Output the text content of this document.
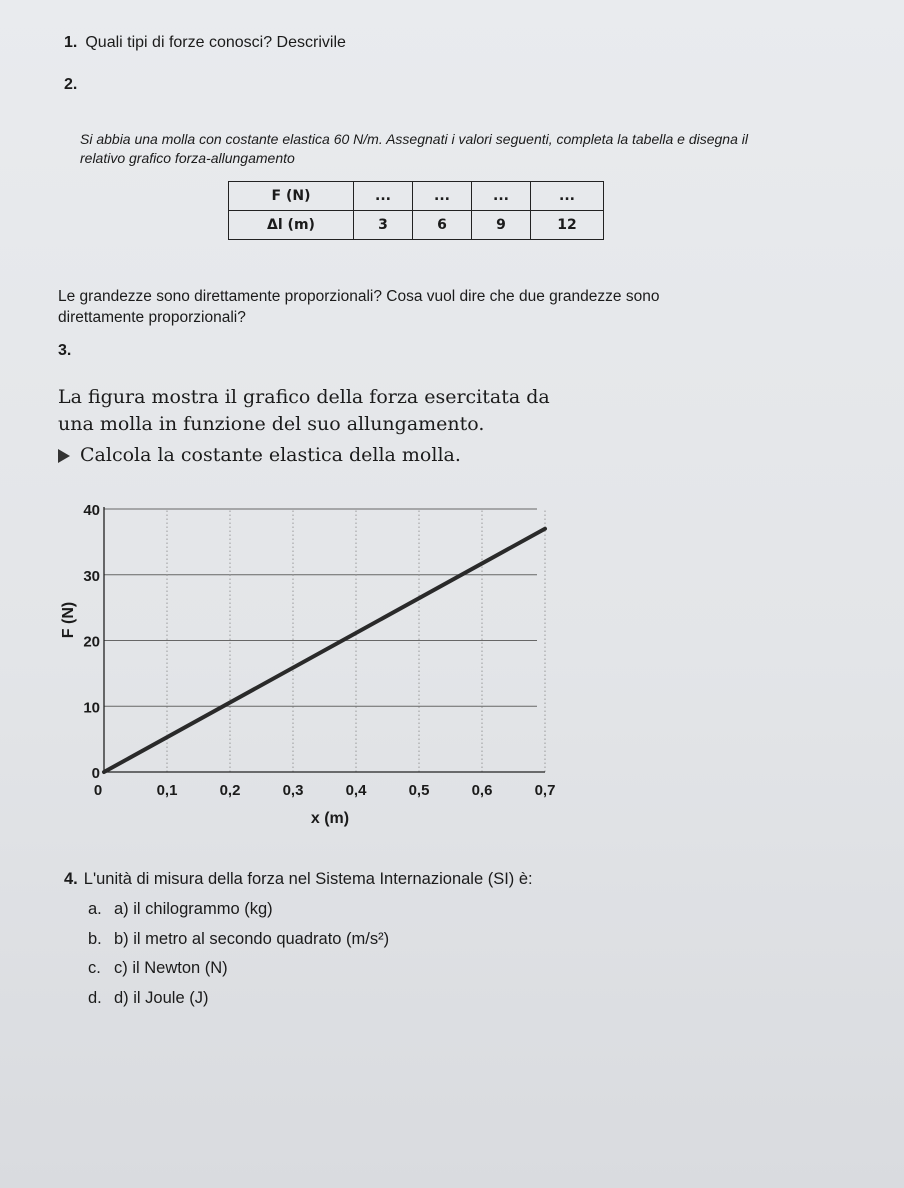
1. Quali tipi di forze conosci? Descrivile
2.
Si abbia una molla con costante elastica 60 N/m. Assegnati i valori seguenti, completa la tabella e disegna il relativo grafico forza-allungamento
F (N)	...	...	...	...
Δl (m)	3	6	9	12
Le grandezze sono direttamente proporzionali? Cosa vuol dire che due grandezze sono direttamente proporzionali?
3.
La figura mostra il grafico della forza esercitata da
una molla in funzione del suo allungamento.
Calcola la costante elastica della molla.
0
10
20
30
40
0	0,1	0,2	0,3	0,4	0,5	0,6	0,7
F (N)
x (m)
4. L'unità di misura della forza nel Sistema Internazionale (SI) è:
a. a) il chilogrammo (kg)
b. b) il metro al secondo quadrato (m/s²)
c. c) il Newton (N)
d. d) il Joule (J)
